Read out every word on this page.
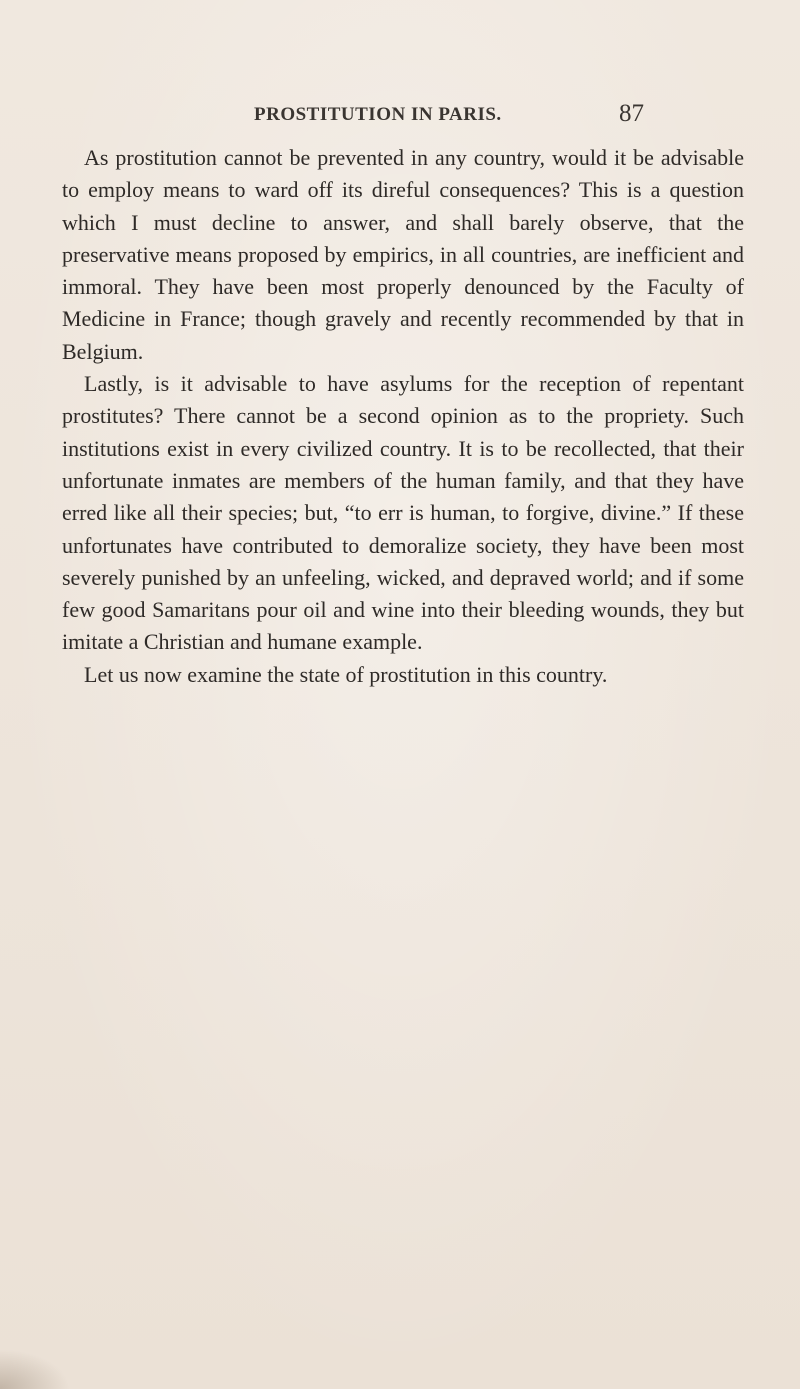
PROSTITUTION IN PARIS.	87

As prostitution cannot be prevented in any country, would it be advisable to employ means to ward off its direful consequences? This is a question which I must decline to answer, and shall barely observe, that the preservative means proposed by empirics, in all countries, are inefficient and immoral. They have been most properly denounced by the Faculty of Medicine in France; though gravely and recently recommended by that in Belgium.

Lastly, is it advisable to have asylums for the reception of repentant prostitutes? There cannot be a second opinion as to the propriety. Such institutions exist in every civilized country. It is to be recollected, that their unfortunate inmates are members of the human family, and that they have erred like all their species; but, “to err is human, to forgive, divine.” If these unfortunates have contributed to demoralize society, they have been most severely punished by an unfeeling, wicked, and depraved world; and if some few good Samaritans pour oil and wine into their bleeding wounds, they but imitate a Christian and humane example.

Let us now examine the state of prostitution in this country.
